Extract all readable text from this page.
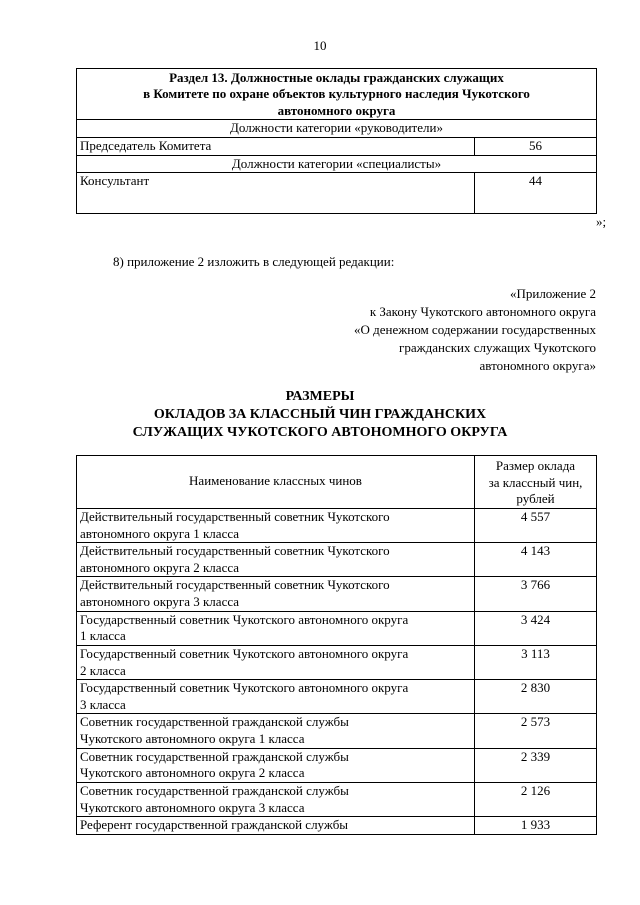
10
Раздел 13. Должностные оклады гражданских служащих
в Комитете по охране объектов культурного наследия Чукотского
автономного округа	

Должности категории «руководители»	
Председатель Комитета	56
Должности категории «специалисты»	
Консультант	44
»;
8) приложение 2 изложить в следующей редакции:
«Приложение 2
к Закону Чукотского автономного округа
«О денежном содержании государственных
гражданских служащих Чукотского
автономного округа»
РАЗМЕРЫ
ОКЛАДОВ ЗА КЛАССНЫЙ ЧИН ГРАЖДАНСКИХ
СЛУЖАЩИХ ЧУКОТСКОГО АВТОНОМНОГО ОКРУГА
Наименование классных чинов	Размер оклада
за классный чин,
рублей

Действительный государственный советник Чукотского
автономного округа 1 класса	4 557

Действительный государственный советник Чукотского
автономного округа 2 класса	4 143

Действительный государственный советник Чукотского
автономного округа 3 класса	3 766

Государственный советник Чукотского автономного округа
1 класса	3 424

Государственный советник Чукотского автономного округа
2 класса	3 113

Государственный советник Чукотского автономного округа
3 класса	2 830

Советник государственной гражданской службы
Чукотского автономного округа 1 класса	2 573

Советник государственной гражданской службы
Чукотского автономного округа 2 класса	2 339

Советник государственной гражданской службы
Чукотского автономного округа 3 класса	2 126

Референт государственной гражданской службы	1 933
